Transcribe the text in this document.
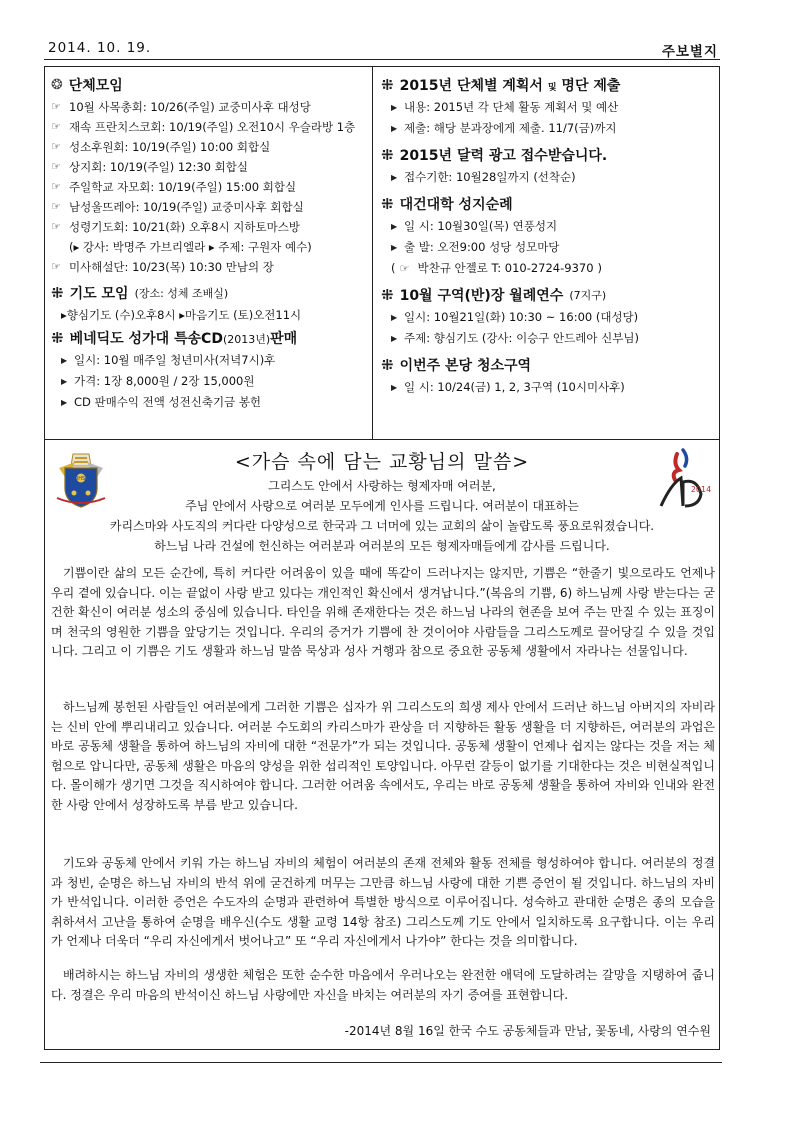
2014. 10. 19.	주보별지
❂ 단체모임
☞ 10월 사목총회: 10/26(주일) 교중미사후 대성당
☞ 재속 프란치스코회: 10/19(주일) 오전10시 우슬라방 1층
☞ 성소후원회: 10/19(주일) 10:00 회합실
☞ 상지회: 10/19(주일) 12:30 회합실
☞ 주일학교 자모회: 10/19(주일) 15:00 회합실
☞ 남성울뜨레아: 10/19(주일) 교중미사후 회합실
☞ 성령기도회: 10/21(화) 오후8시 지하토마스방
(▸ 강사: 박명주 가브리엘라 ▸ 주제: 구원자 예수)
☞ 미사해설단: 10/23(목) 10:30 만남의 장
⁜ 기도 모임 (장소: 성체 조배실)
▸향심기도 (수)오후8시 ▸마음기도 (토)오전11시
⁜ 베네딕도 성가대 특송CD(2013년)판매
▶ 일시: 10월 매주일 청년미사(저녁7시)후
▶ 가격: 1장 8,000원 / 2장 15,000원
▶ CD 판매수익 전액 성전신축기금 봉헌
⁜ 2015년 단체별 계획서 및 명단 제출
▶ 내용: 2015년 각 단체 활동 계획서 및 예산
▶ 제출: 해당 분과장에게 제출. 11/7(금)까지
⁜ 2015년 달력 광고 접수받습니다.
▶ 접수기한: 10월28일까지 (선착순)
⁜ 대건대학 성지순례
▶ 일 시: 10월30일(목) 연풍성지
▶ 출 발: 오전9:00 성당 성모마당
( ☞ 박찬규 안젤로 T: 010-2724-9370 )
⁜ 10월 구역(반)장 월례연수 (7지구)
▶ 일시: 10월21일(화) 10:30 ~ 16:00 (대성당)
▶ 주제: 향심기도 (강사: 이승구 안드레아 신부님)
⁜ 이번주 본당 청소구역
▶ 일 시: 10/24(금) 1, 2, 3구역 (10시미사후)
IHS
<가슴 속에 담는 교황님의 말씀>
2014
그리스도 안에서 사랑하는 형제자매 여러분,
주님 안에서 사랑으로 여러분 모두에게 인사를 드립니다. 여러분이 대표하는
카리스마와 사도직의 커다란 다양성으로 한국과 그 너머에 있는 교회의 삶이 놀랍도록 풍요로워졌습니다.
하느님 나라 건설에 헌신하는 여러분과 여러분의 모든 형제자매들에게 감사를 드립니다.

기쁨이란 삶의 모든 순간에, 특히 커다란 어려움이 있을 때에 똑같이 드러나지는 않지만, 기쁨은 “한줄기 빛으로라도 언제나 우리 곁에 있습니다. 이는 끝없이 사랑 받고 있다는 개인적인 확신에서 생겨납니다.”(복음의 기쁨, 6) 하느님께 사랑 받는다는 굳건한 확신이 여러분 성소의 중심에 있습니다. 타인을 위해 존재한다는 것은 하느님 나라의 현존을 보여 주는 만질 수 있는 표징이며 천국의 영원한 기쁨을 앞당기는 것입니다. 우리의 증거가 기쁨에 찬 것이어야 사람들을 그리스도께로 끌어당길 수 있을 것입니다. 그리고 이 기쁨은 기도 생활과 하느님 말씀 묵상과 성사 거행과 참으로 중요한 공동체 생활에서 자라나는 선물입니다.

하느님께 봉헌된 사람들인 여러분에게 그러한 기쁨은 십자가 위 그리스도의 희생 제사 안에서 드러난 하느님 아버지의 자비라는 신비 안에 뿌리내리고 있습니다. 여러분 수도회의 카리스마가 관상을 더 지향하든 활동 생활을 더 지향하든, 여러분의 과업은 바로 공동체 생활을 통하여 하느님의 자비에 대한 “전문가”가 되는 것입니다. 공동체 생활이 언제나 쉽지는 않다는 것을 저는 체험으로 압니다만, 공동체 생활은 마음의 양성을 위한 섭리적인 토양입니다. 아무런 갈등이 없기를 기대한다는 것은 비현실적입니다. 몰이해가 생기면 그것을 직시하여야 합니다. 그러한 어려움 속에서도, 우리는 바로 공동체 생활을 통하여 자비와 인내와 완전한 사랑 안에서 성장하도록 부름 받고 있습니다.

기도와 공동체 안에서 키워 가는 하느님 자비의 체험이 여러분의 존재 전체와 활동 전체를 형성하여야 합니다. 여러분의 정결과 청빈, 순명은 하느님 자비의 반석 위에 굳건하게 머무는 그만큼 하느님 사랑에 대한 기쁜 증언이 될 것입니다. 하느님의 자비가 반석입니다. 이러한 증언은 수도자의 순명과 관련하여 특별한 방식으로 이루어집니다. 성숙하고 관대한 순명은 종의 모습을 취하셔서 고난을 통하여 순명을 배우신(수도 생활 교령 14항 참조) 그리스도께 기도 안에서 일치하도록 요구합니다. 이는 우리가 언제나 더욱더 “우리 자신에게서 벗어나고” 또 “우리 자신에게서 나가야” 한다는 것을 의미합니다.

배려하시는 하느님 자비의 생생한 체험은 또한 순수한 마음에서 우러나오는 완전한 애덕에 도달하려는 갈망을 지탱하여 줍니다. 정결은 우리 마음의 반석이신 하느님 사랑에만 자신을 바치는 여러분의 자기 증여를 표현합니다.

-2014년 8월 16일 한국 수도 공동체들과 만남, 꽃동네, 사랑의 연수원
